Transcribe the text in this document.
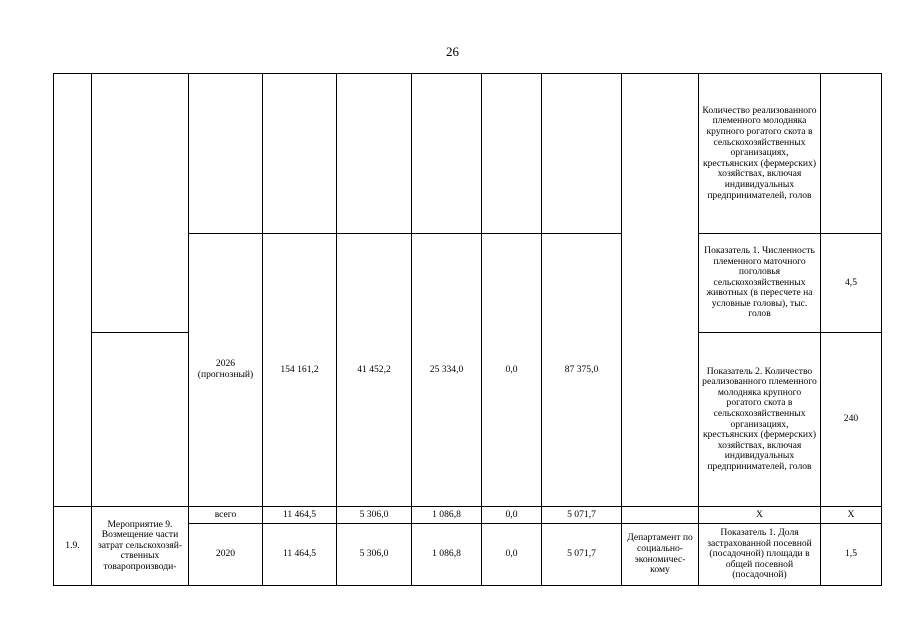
26
									Количество реализованного племенного молодняка крупного рогатого скота в сельскохозяйственных организациях, крестьянских (фермерских) хозяйствах, включая индивидуальных предпринимателей, голов	
		2026 (прогнозный)	154 161,2	41 452,2	25 334,0	0,0	87 375,0		Показатель 1. Численность племенного маточного поголовья сельскохозяйственных животных (в пересчете на условные головы), тыс. голов	4,5
									Показатель 2. Количество реализованного племенного молодняка крупного рогатого скота в сельскохозяйственных организациях, крестьянских (фермерских) хозяйствах, включая индивидуальных предпринимателей, голов	240
1.9.	Мероприятие 9. Возмещение части затрат сельскохозяй-ственных товаропроизводи-	всего	11 464,5	5 306,0	1 086,8	0,0	5 071,7		Х	Х
		2020	11 464,5	5 306,0	1 086,8	0,0	5 071,7	Департамент по социально-экономичес-кому	Показатель 1. Доля застрахованной посевной (посадочной) площади в общей посевной (посадочной)	1,5
